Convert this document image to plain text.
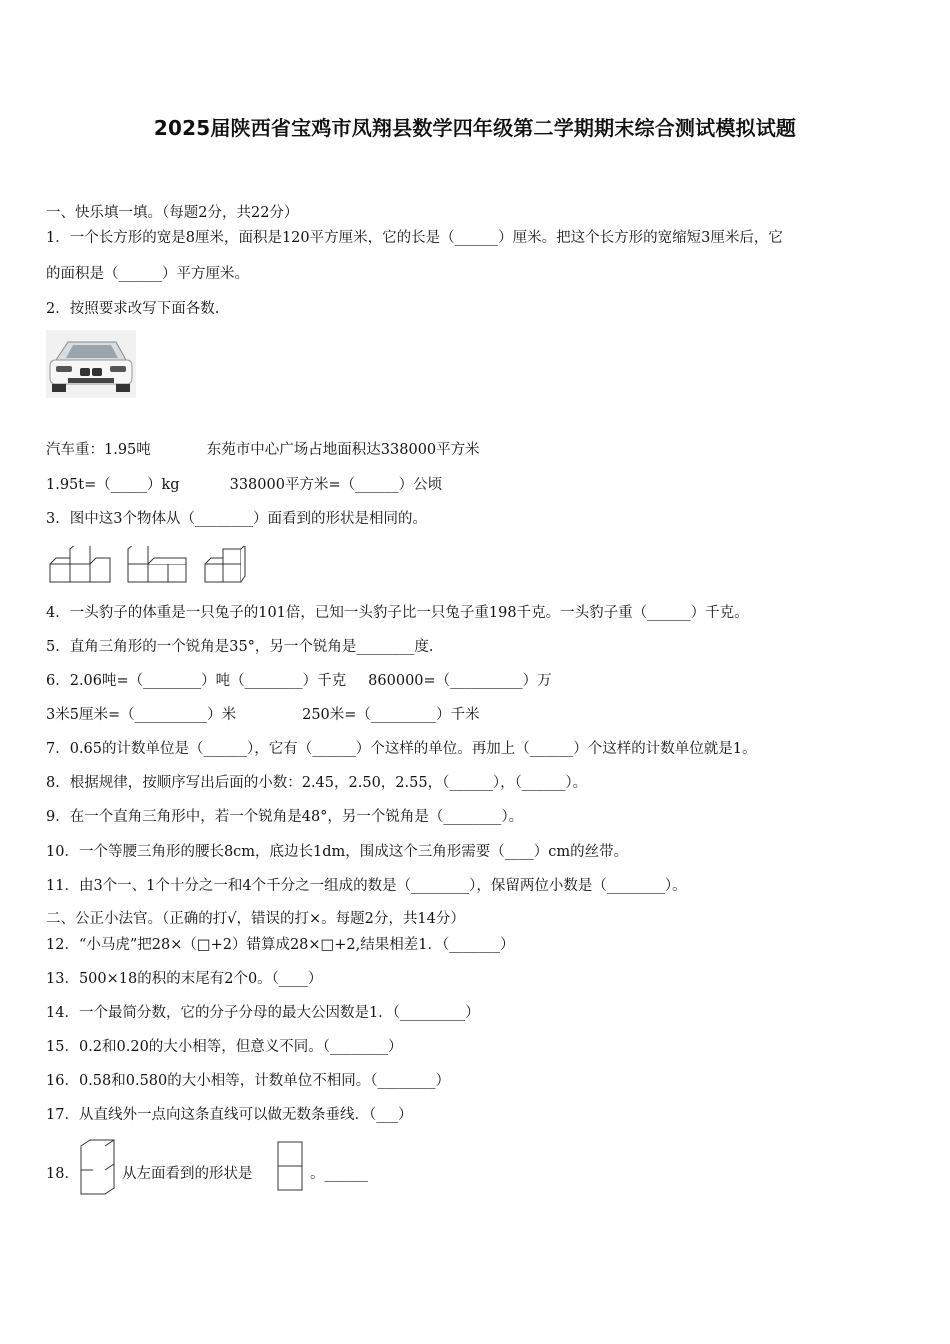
2025届陕西省宝鸡市凤翔县数学四年级第二学期期末综合测试模拟试题
一、快乐填一填。（每题2分，共22分）
1．一个长方形的宽是8厘米，面积是120平方厘米，它的长是（______）厘米。把这个长方形的宽缩短3厘米后，它
的面积是（______）平方厘米。
2．按照要求改写下面各数.
汽车重：1.95吨	东苑市中心广场占地面积达338000平方米
1.95t=（_____）kg	338000平方米=（______）公顷
3．图中这3个物体从（________）面看到的形状是相同的。
4．一头豹子的体重是一只兔子的101倍，已知一头豹子比一只兔子重198千克。一头豹子重（______）千克。
5．直角三角形的一个锐角是35°，另一个锐角是________度.
6．2.06吨=（________）吨（________）千克 860000=（__________）万
3米5厘米=（__________）米	250米=（_________）千米
7．0.65的计数单位是（______），它有（______）个这样的单位。再加上（______）个这样的计数单位就是1。
8．根据规律，按顺序写出后面的小数：2.45，2.50，2.55，（______），（______）。
9．在一个直角三角形中，若一个锐角是48°，另一个锐角是（________）。
10．一个等腰三角形的腰长8cm，底边长1dm，围成这个三角形需要（____）cm的丝带。
11．由3个一、1个十分之一和4个千分之一组成的数是（________），保留两位小数是（________）。
二、公正小法官。（正确的打√，错误的打×。每题2分，共14分）
12．“小马虎”把28×（□+2）错算成28×□+2,结果相差1．（_______）
13．500×18的积的末尾有2个0。（____）
14．一个最简分数，它的分子分母的最大公因数是1．（_________）
15．0.2和0.20的大小相等，但意义不同。（________）
16．0.58和0.580的大小相等，计数单位不相同。（________）
17．从直线外一点向这条直线可以做无数条垂线．（___）
18．	从左面看到的形状是	。______
